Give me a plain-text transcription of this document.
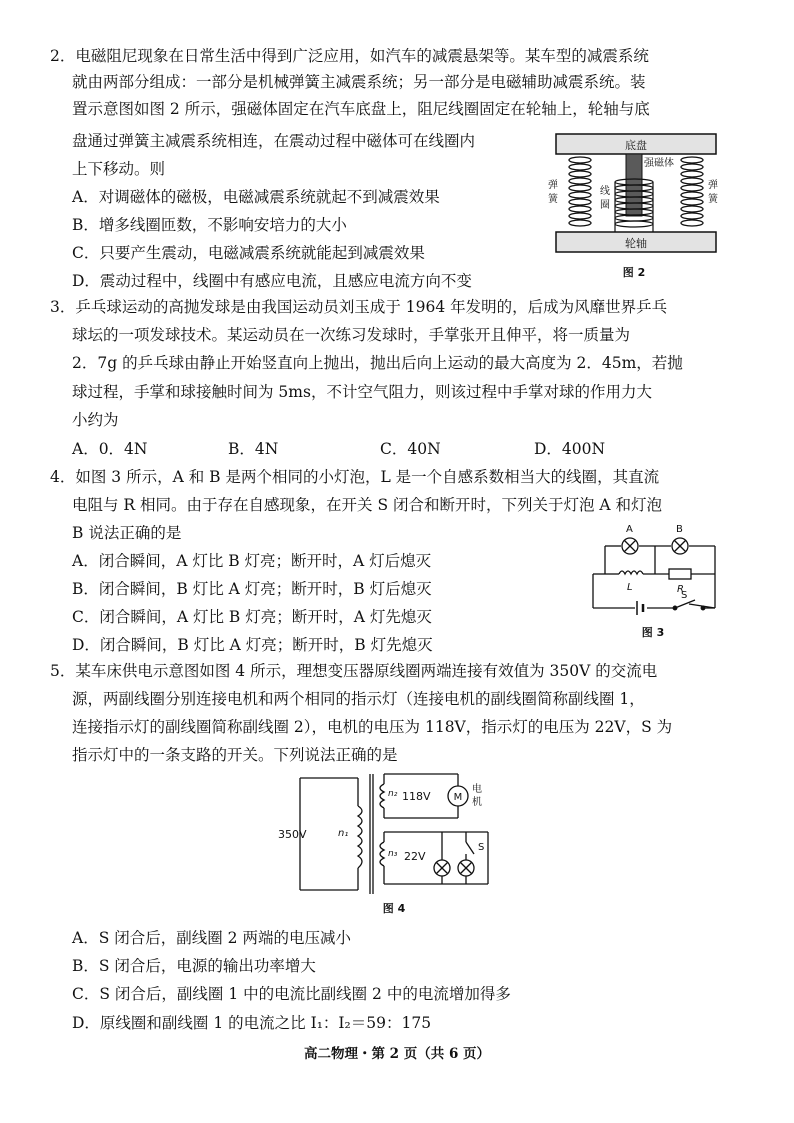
2．电磁阻尼现象在日常生活中得到广泛应用，如汽车的减震悬架等。某车型的减震系统
就由两部分组成：一部分是机械弹簧主减震系统；另一部分是电磁辅助减震系统。装
置示意图如图 2 所示，强磁体固定在汽车底盘上，阻尼线圈固定在轮轴上，轮轴与底
盘通过弹簧主减震系统相连，在震动过程中磁体可在线圈内
上下移动。则
A．对调磁体的磁极，电磁减震系统就起不到减震效果
B．增多线圈匝数，不影响安培力的大小
C．只要产生震动，电磁减震系统就能起到减震效果
D．震动过程中，线圈中有感应电流，且感应电流方向不变
底盘
轮轴
弹
簧
弹
簧
强磁体
线
圈
图 2
3．乒乓球运动的高抛发球是由我国运动员刘玉成于 1964 年发明的，后成为风靡世界乒乓
球坛的一项发球技术。某运动员在一次练习发球时，手掌张开且伸平，将一质量为
2．7g 的乒乓球由静止开始竖直向上抛出，抛出后向上运动的最大高度为 2．45m，若抛
球过程，手掌和球接触时间为 5ms，不计空气阻力，则该过程中手掌对球的作用力大
小约为
A．0．4N	B．4N	C．40N	D．400N
4．如图 3 所示，A 和 B 是两个相同的小灯泡，L 是一个自感系数相当大的线圈，其直流
电阻与 R 相同。由于存在自感现象，在开关 S 闭合和断开时，下列关于灯泡 A 和灯泡
B 说法正确的是
A．闭合瞬间，A 灯比 B 灯亮；断开时，A 灯后熄灭
B．闭合瞬间，B 灯比 A 灯亮；断开时，B 灯后熄灭
C．闭合瞬间，A 灯比 B 灯亮；断开时，A 灯先熄灭
D．闭合瞬间，B 灯比 A 灯亮；断开时，B 灯先熄灭
A	B
L	R
S
图 3
5．某车床供电示意图如图 4 所示，理想变压器原线圈两端连接有效值为 350V 的交流电
源，两副线圈分别连接电机和两个相同的指示灯（连接电机的副线圈简称副线圈 1，
连接指示灯的副线圈简称副线圈 2），电机的电压为 118V，指示灯的电压为 22V，S 为
指示灯中的一条支路的开关。下列说法正确的是
350V	n₁
n₂ 118V
n₃ 22V
M
电
机
S
图 4
A．S 闭合后，副线圈 2 两端的电压减小
B．S 闭合后，电源的输出功率增大
C．S 闭合后，副线圈 1 中的电流比副线圈 2 中的电流增加得多
D．原线圈和副线圈 1 的电流之比 I₁：I₂＝59：175
高二物理・第 2 页（共 6 页）
